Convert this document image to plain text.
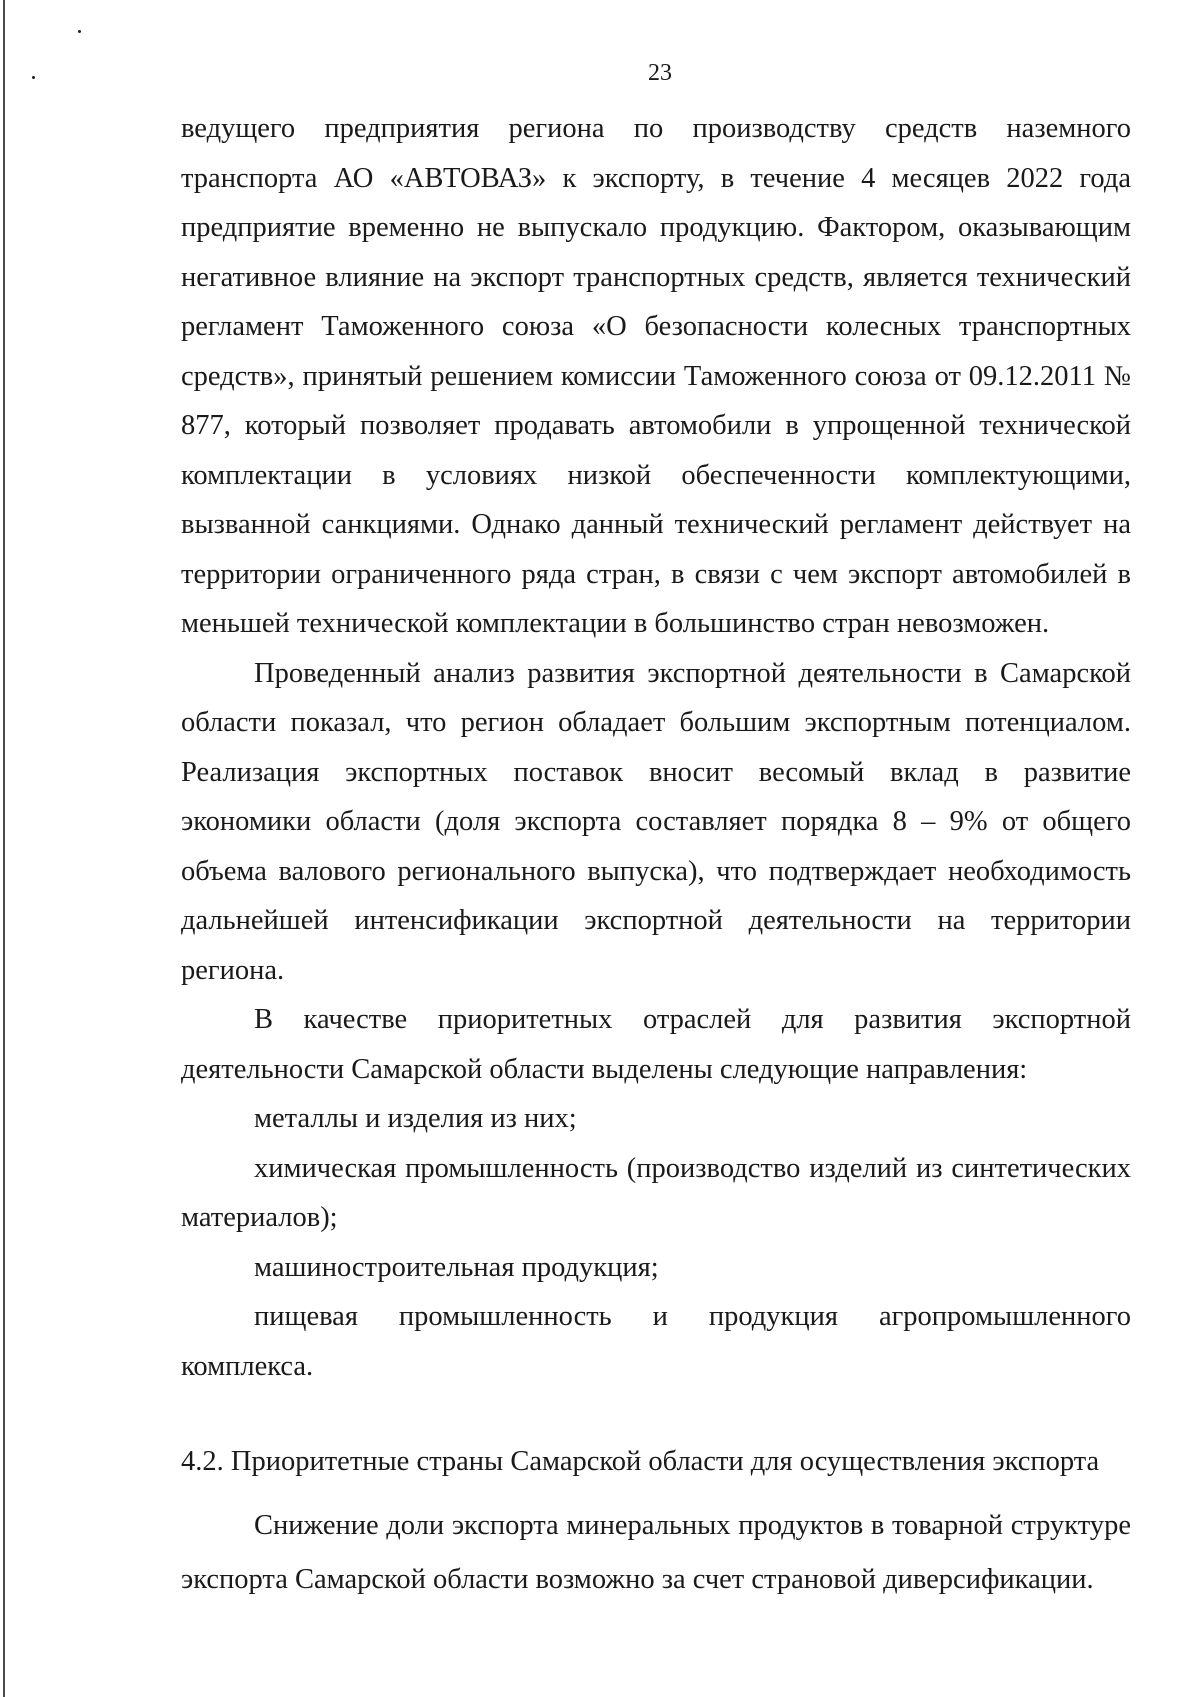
23

ведущего предприятия региона по производству средств наземного транспорта АО «АВТОВАЗ» к экспорту, в течение 4 месяцев 2022 года предприятие временно не выпускало продукцию. Фактором, оказывающим негативное влияние на экспорт транспортных средств, является технический регламент Таможенного союза «О безопасности колесных транспортных средств», принятый решением комиссии Таможенного союза от 09.12.2011 № 877, который позволяет продавать автомобили в упрощенной технической комплектации в условиях низкой обеспеченности комплектующими, вызванной санкциями. Однако данный технический регламент действует на территории ограниченного ряда стран, в связи с чем экспорт автомобилей в меньшей технической комплектации в большинство стран невозможен.

Проведенный анализ развития экспортной деятельности в Самарской области показал, что регион обладает большим экспортным потенциалом. Реализация экспортных поставок вносит весомый вклад в развитие экономики области (доля экспорта составляет порядка 8 – 9% от общего объема валового регионального выпуска), что подтверждает необходимость дальнейшей интенсификации экспортной деятельности на территории региона.

В качестве приоритетных отраслей для развития экспортной деятельности Самарской области выделены следующие направления:

металлы и изделия из них;

химическая промышленность (производство изделий из синтетических материалов);

машиностроительная продукция;

пищевая промышленность и продукция агропромышленного комплекса.

4.2. Приоритетные страны Самарской области для осуществления экспорта

Снижение доли экспорта минеральных продуктов в товарной структуре экспорта Самарской области возможно за счет страновой диверсификации.
